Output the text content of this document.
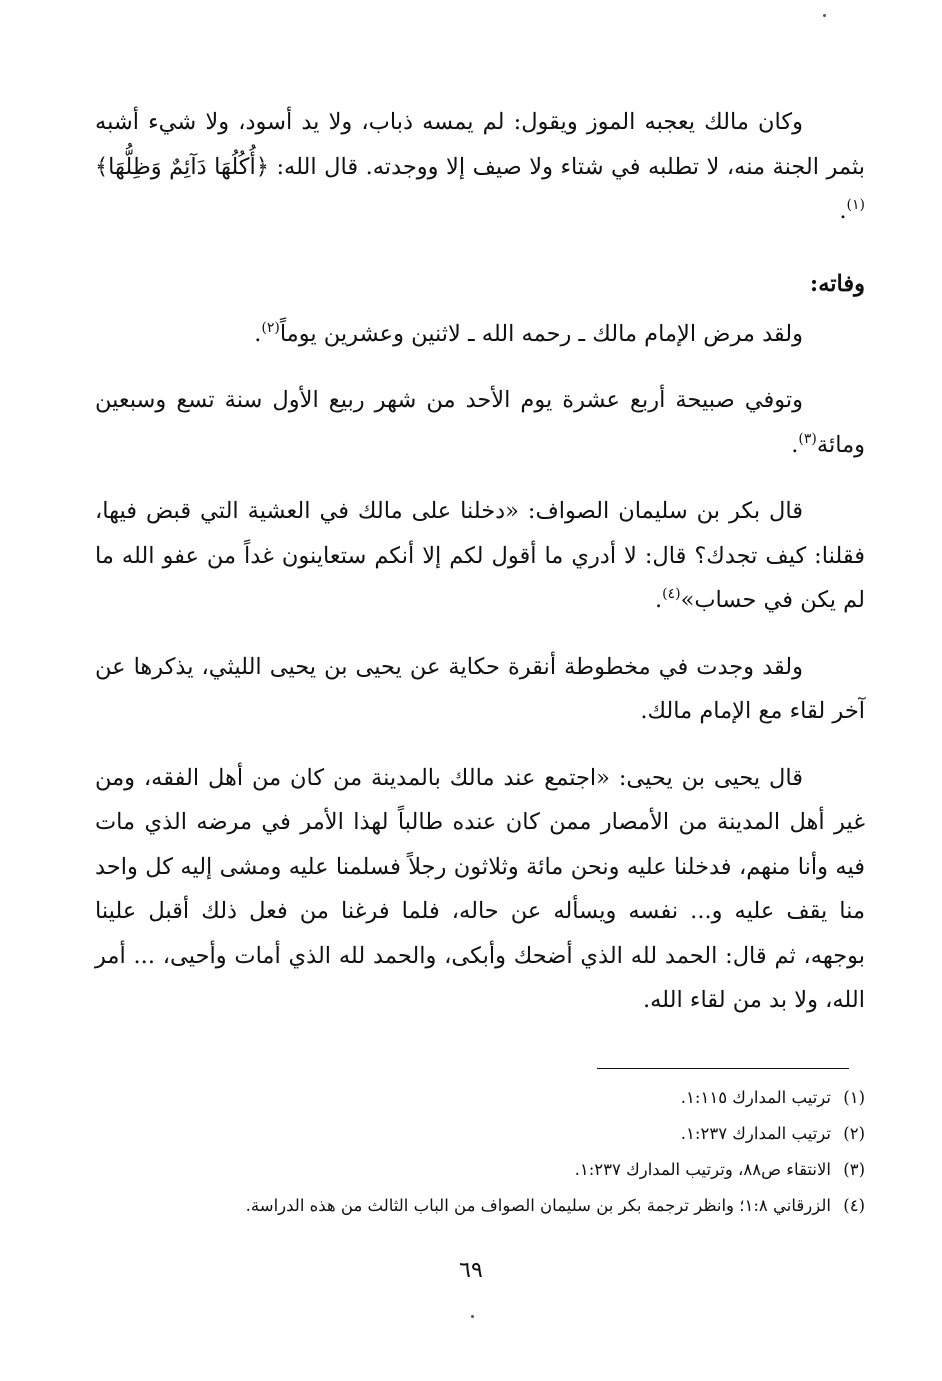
وكان مالك يعجبه الموز ويقول: لم يمسه ذباب، ولا يد أسود، ولا شيء أشبه بثمر الجنة منه، لا تطلبه في شتاء ولا صيف إلا ووجدته. قال الله: ﴿أُكُلُهَا دَآئِمٌ وَظِلُّهَا﴾$^{(١)}$.

وفاته:

ولقد مرض الإمام مالك ـ رحمه الله ـ لاثنين وعشرين يوماً$^{(٢)}$.

وتوفي صبيحة أربع عشرة يوم الأحد من شهر ربيع الأول سنة تسع وسبعين ومائة$^{(٣)}$.

قال بكر بن سليمان الصواف: «دخلنا على مالك في العشية التي قبض فيها، فقلنا: كيف تجدك؟ قال: لا أدري ما أقول لكم إلا أنكم ستعاينون غداً من عفو الله ما لم يكن في حساب»$^{(٤)}$.

ولقد وجدت في مخطوطة أنقرة حكاية عن يحيى بن يحيى الليثي، يذكرها عن آخر لقاء مع الإمام مالك.

قال يحيى بن يحيى: «اجتمع عند مالك بالمدينة من كان من أهل الفقه، ومن غير أهل المدينة من الأمصار ممن كان عنده طالباً لهذا الأمر في مرضه الذي مات فيه وأنا منهم، فدخلنا عليه ونحن مائة وثلاثون رجلاً فسلمنا عليه ومشى إليه كل واحد منا يقف عليه و... نفسه ويسأله عن حاله، فلما فرغنا من فعل ذلك أقبل علينا بوجهه، ثم قال: الحمد لله الذي أضحك وأبكى، والحمد لله الذي أمات وأحيى، ... أمر الله، ولا بد من لقاء الله.

(١)ترتيب المدارك ١:١١٥.
(٢)ترتيب المدارك ١:٢٣٧.
(٣)الانتقاء ص٨٨، وترتيب المدارك ١:٢٣٧.
(٤)الزرقاني ١:٨؛ وانظر ترجمة بكر بن سليمان الصواف من الباب الثالث من هذه الدراسة.
٦٩
